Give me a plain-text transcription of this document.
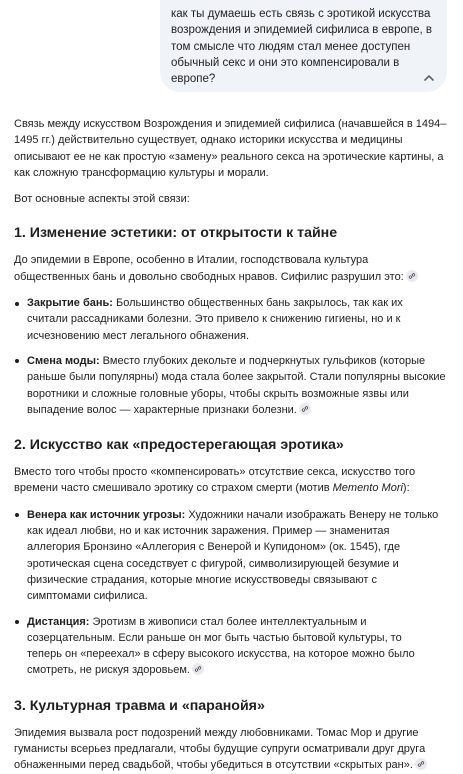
как ты думаешь есть связь с эротикой искусства возрождения и эпидемией сифилиса в европе, в том смысле что людям стал менее доступен обычный секс и они это компенсировали в европе?

Связь между искусством Возрождения и эпидемией сифилиса (начавшейся в 1494–1495 гг.) действительно существует, однако историки искусства и медицины описывают ее не как простую «замену» реального секса на эротические картины, а как сложную трансформацию культуры и морали.

Вот основные аспекты этой связи:

1. Изменение эстетики: от открытости к тайне

До эпидемии в Европе, особенно в Италии, господствовала культура общественных бань и довольно свободных нравов. Сифилис разрушил это:

Закрытие бань: Большинство общественных бань закрылось, так как их считали рассадниками болезни. Это привело к снижению гигиены, но и к исчезновению мест легального обнажения.
Смена моды: Вместо глубоких декольте и подчеркнутых гульфиков (которые раньше были популярны) мода стала более закрытой. Стали популярны высокие воротники и сложные головные уборы, чтобы скрыть возможные язвы или выпадение волос — характерные признаки болезни.
2. Искусство как «предостерегающая эротика»

Вместо того чтобы просто «компенсировать» отсутствие секса, искусство того времени часто смешивало эротику со страхом смерти (мотив Memento Mori):

Венера как источник угрозы: Художники начали изображать Венеру не только как идеал любви, но и как источник заражения. Пример — знаменитая аллегория Бронзино «Аллегория с Венерой и Купидоном» (ок. 1545), где эротическая сцена соседствует с фигурой, символизирующей безумие и физические страдания, которые многие искусствоведы связывают с симптомами сифилиса.
Дистанция: Эротизм в живописи стал более интеллектуальным и созерцательным. Если раньше он мог быть частью бытовой культуры, то теперь он «переехал» в сферу высокого искусства, на которое можно было смотреть, не рискуя здоровьем.
3. Культурная травма и «паранойя»

Эпидемия вызвала рост подозрений между любовниками. Томас Мор и другие гуманисты всерьез предлагали, чтобы будущие супруги осматривали друг друга обнаженными перед свадьбой, чтобы убедиться в отсутствии «скрытых ран».
